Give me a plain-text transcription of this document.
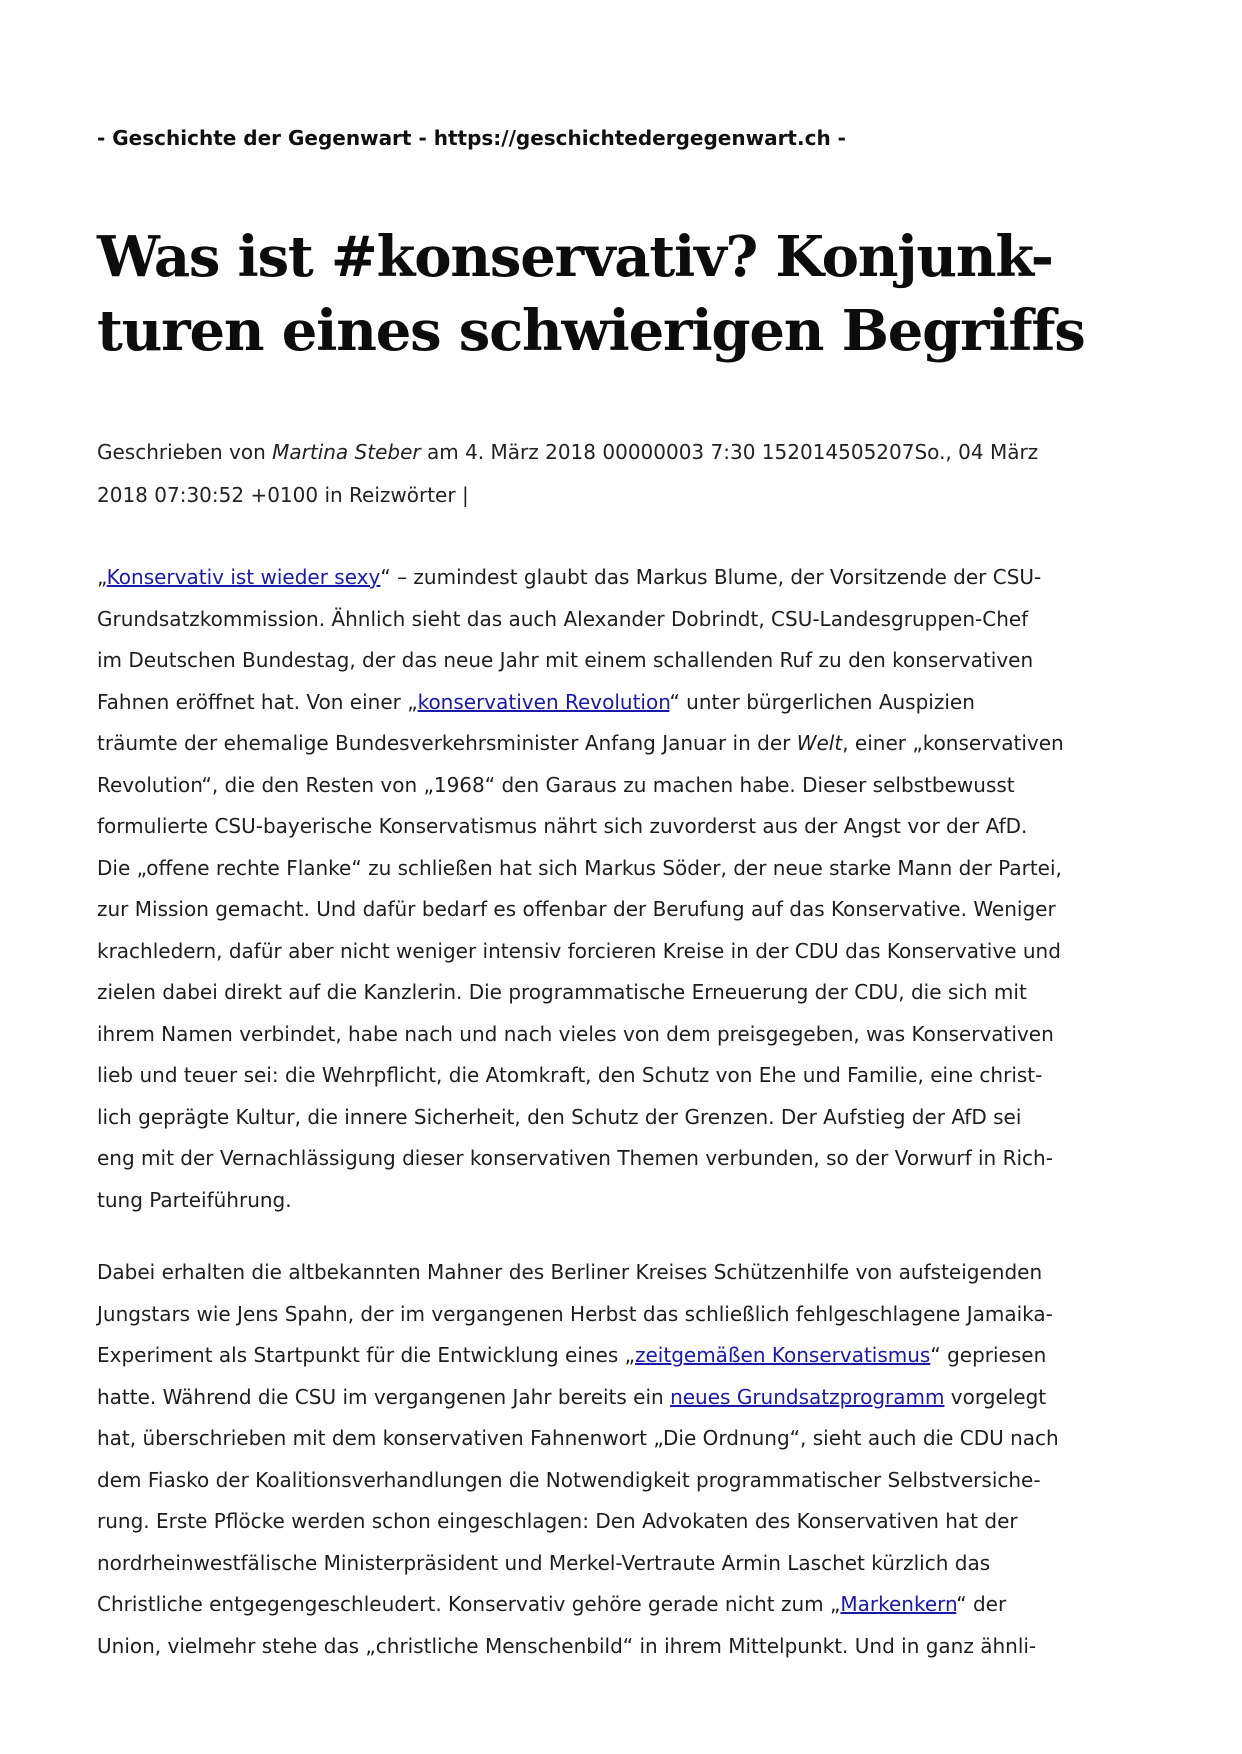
- Geschichte der Gegenwart - https://geschichtedergegenwart.ch -
Was ist #konservativ? Konjunk-
turen eines schwierigen Begriffs
Geschrieben von Martina Steber am 4. März 2018 00000003 7:30 152014505207So., 04 März
2018 07:30:52 +0100 in Reizwörter |
„Konservativ ist wieder sexy“ – zumindest glaubt das Markus Blume, der Vorsitzende der CSU-
Grundsatzkommission. Ähnlich sieht das auch Alexander Dobrindt, CSU-Landesgruppen-Chef
im Deutschen Bundestag, der das neue Jahr mit einem schallenden Ruf zu den konservativen
Fahnen eröffnet hat. Von einer „konservativen Revolution“ unter bürgerlichen Auspizien
träumte der ehemalige Bundesverkehrsminister Anfang Januar in der Welt, einer „konservativen
Revolution“, die den Resten von „1968“ den Garaus zu machen habe. Dieser selbstbewusst
formulierte CSU-bayerische Konservatismus nährt sich zuvorderst aus der Angst vor der AfD.
Die „offene rechte Flanke“ zu schließen hat sich Markus Söder, der neue starke Mann der Partei,
zur Mission gemacht. Und dafür bedarf es offenbar der Berufung auf das Konservative. Weniger
krachledern, dafür aber nicht weniger intensiv forcieren Kreise in der CDU das Konservative und
zielen dabei direkt auf die Kanzlerin. Die programmatische Erneuerung der CDU, die sich mit
ihrem Namen verbindet, habe nach und nach vieles von dem preisgegeben, was Konservativen
lieb und teuer sei: die Wehrpflicht, die Atomkraft, den Schutz von Ehe und Familie, eine christ-
lich geprägte Kultur, die innere Sicherheit, den Schutz der Grenzen. Der Aufstieg der AfD sei
eng mit der Vernachlässigung dieser konservativen Themen verbunden, so der Vorwurf in Rich-
tung Parteiführung.
Dabei erhalten die altbekannten Mahner des Berliner Kreises Schützenhilfe von aufsteigenden
Jungstars wie Jens Spahn, der im vergangenen Herbst das schließlich fehlgeschlagene Jamaika-
Experiment als Startpunkt für die Entwicklung eines „zeitgemäßen Konservatismus“ gepriesen
hatte. Während die CSU im vergangenen Jahr bereits ein neues Grundsatzprogramm vorgelegt
hat, überschrieben mit dem konservativen Fahnenwort „Die Ordnung“, sieht auch die CDU nach
dem Fiasko der Koalitionsverhandlungen die Notwendigkeit programmatischer Selbstversiche-
rung. Erste Pflöcke werden schon eingeschlagen: Den Advokaten des Konservativen hat der
nordrheinwestfälische Ministerpräsident und Merkel-Vertraute Armin Laschet kürzlich das
Christliche entgegengeschleudert. Konservativ gehöre gerade nicht zum „Markenkern“ der
Union, vielmehr stehe das „christliche Menschenbild“ in ihrem Mittelpunkt. Und in ganz ähnli-
